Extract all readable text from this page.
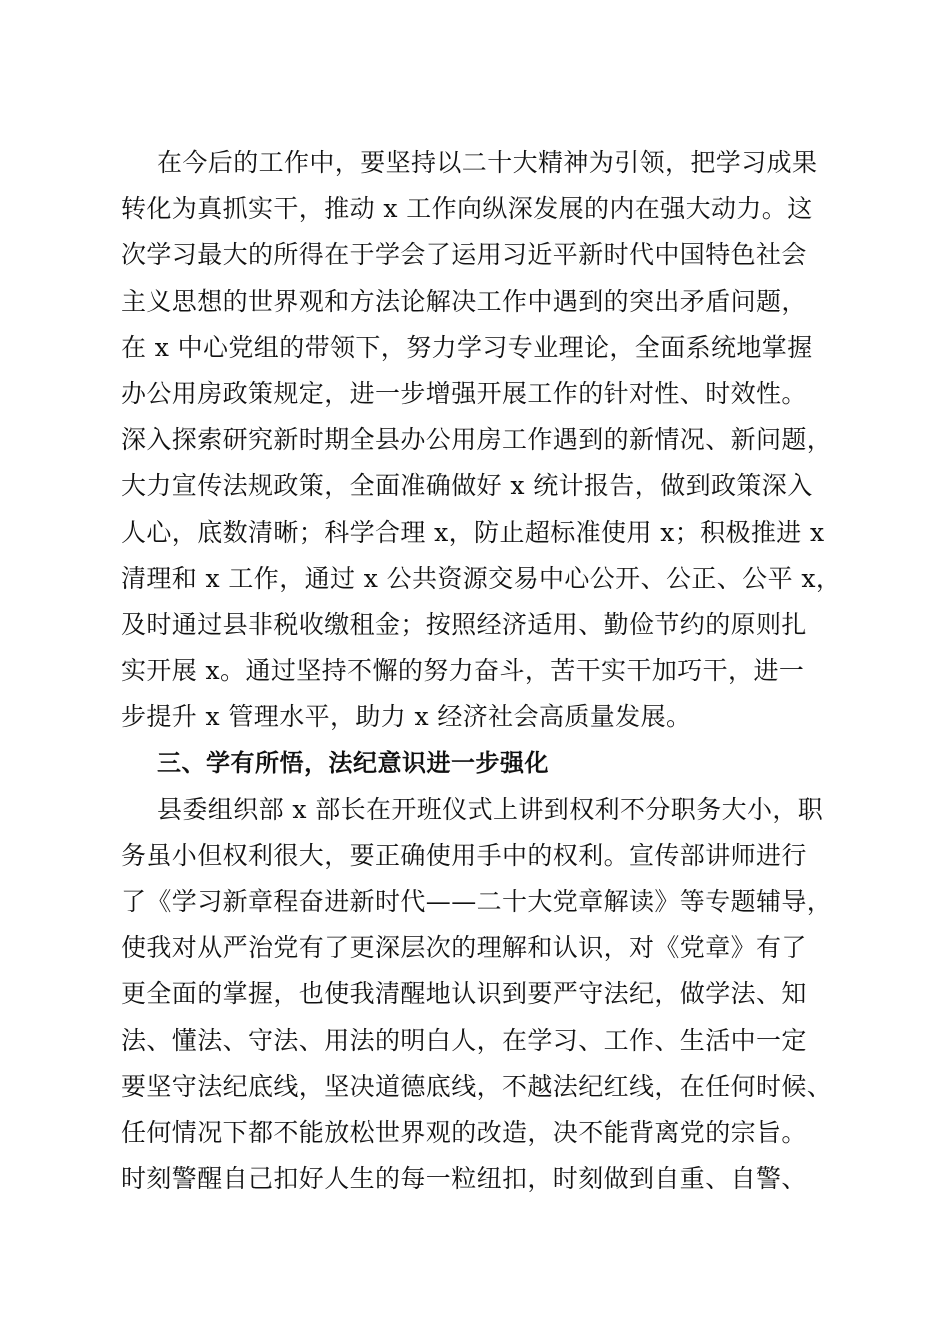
在今后的工作中，要坚持以二十大精神为引领，把学习成果
转化为真抓实干，推动 x 工作向纵深发展的内在强大动力。这
次学习最大的所得在于学会了运用习近平新时代中国特色社会
主义思想的世界观和方法论解决工作中遇到的突出矛盾问题，
在 x 中心党组的带领下，努力学习专业理论，全面系统地掌握
办公用房政策规定，进一步增强开展工作的针对性、时效性。
深入探索研究新时期全县办公用房工作遇到的新情况、新问题，
大力宣传法规政策，全面准确做好 x 统计报告，做到政策深入
人心，底数清晰；科学合理 x，防止超标准使用 x；积极推进 x
清理和 x 工作，通过 x 公共资源交易中心公开、公正、公平 x，
及时通过县非税收缴租金；按照经济适用、勤俭节约的原则扎
实开展 x。通过坚持不懈的努力奋斗，苦干实干加巧干，进一
步提升 x 管理水平，助力 x 经济社会高质量发展。
三、学有所悟，法纪意识进一步强化
县委组织部 x 部长在开班仪式上讲到权利不分职务大小，职
务虽小但权利很大，要正确使用手中的权利。宣传部讲师进行
了《学习新章程奋进新时代——二十大党章解读》等专题辅导，
使我对从严治党有了更深层次的理解和认识，对《党章》有了
更全面的掌握，也使我清醒地认识到要严守法纪，做学法、知
法、懂法、守法、用法的明白人，在学习、工作、生活中一定
要坚守法纪底线，坚决道德底线，不越法纪红线，在任何时候、
任何情况下都不能放松世界观的改造，决不能背离党的宗旨。
时刻警醒自己扣好人生的每一粒纽扣，时刻做到自重、自警、
